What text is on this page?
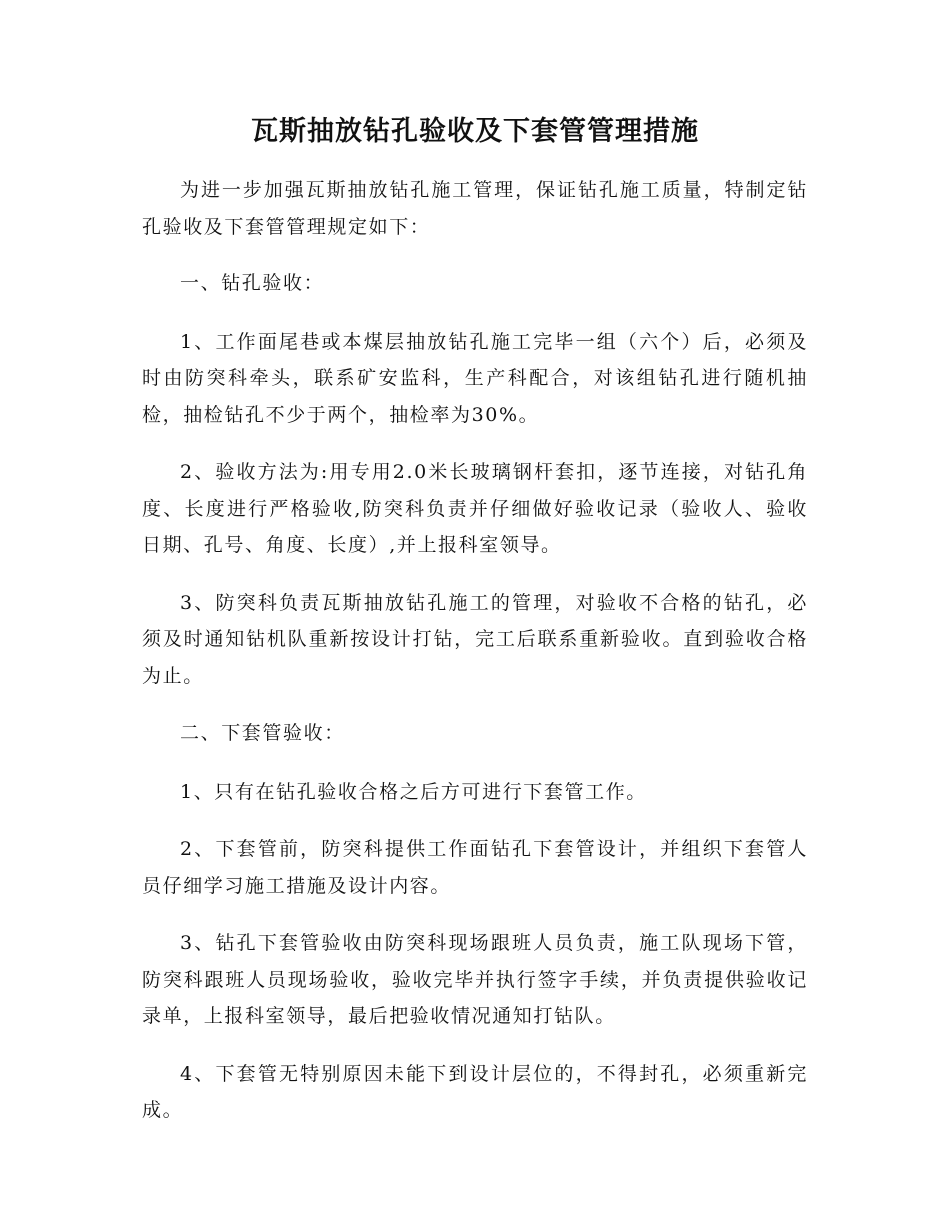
瓦斯抽放钻孔验收及下套管管理措施

为进一步加强瓦斯抽放钻孔施工管理，保证钻孔施工质量，特制定钻孔验收及下套管管理规定如下：

一、钻孔验收：

1、工作面尾巷或本煤层抽放钻孔施工完毕一组（六个）后，必须及时由防突科牵头，联系矿安监科，生产科配合，对该组钻孔进行随机抽检，抽检钻孔不少于两个，抽检率为30%。

2、验收方法为:用专用2.0米长玻璃钢杆套扣，逐节连接，对钻孔角度、长度进行严格验收,防突科负责并仔细做好验收记录（验收人、验收日期、孔号、角度、长度）,并上报科室领导。

3、防突科负责瓦斯抽放钻孔施工的管理，对验收不合格的钻孔，必须及时通知钻机队重新按设计打钻，完工后联系重新验收。直到验收合格为止。

二、下套管验收：

1、只有在钻孔验收合格之后方可进行下套管工作。

2、下套管前，防突科提供工作面钻孔下套管设计，并组织下套管人员仔细学习施工措施及设计内容。

3、钻孔下套管验收由防突科现场跟班人员负责，施工队现场下管，防突科跟班人员现场验收，验收完毕并执行签字手续，并负责提供验收记录单，上报科室领导，最后把验收情况通知打钻队。

4、下套管无特别原因未能下到设计层位的，不得封孔，必须重新完成。
